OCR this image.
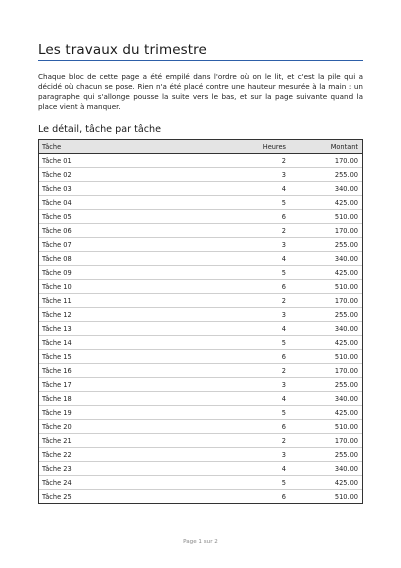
Les travaux du trimestre

Chaque bloc de cette page a été empilé dans l'ordre où on le lit, et c'est la pile qui a décidé où chacun se pose. Rien n'a été placé contre une hauteur mesurée à la main : un paragraphe qui s'allonge pousse la suite vers le bas, et sur la page suivante quand la place vient à manquer.

Le détail, tâche par tâche
Tâche	Heures	Montant
Tâche 01	2	170.00
Tâche 02	3	255.00
Tâche 03	4	340.00
Tâche 04	5	425.00
Tâche 05	6	510.00
Tâche 06	2	170.00
Tâche 07	3	255.00
Tâche 08	4	340.00
Tâche 09	5	425.00
Tâche 10	6	510.00
Tâche 11	2	170.00
Tâche 12	3	255.00
Tâche 13	4	340.00
Tâche 14	5	425.00
Tâche 15	6	510.00
Tâche 16	2	170.00
Tâche 17	3	255.00
Tâche 18	4	340.00
Tâche 19	5	425.00
Tâche 20	6	510.00
Tâche 21	2	170.00
Tâche 22	3	255.00
Tâche 23	4	340.00
Tâche 24	5	425.00
Tâche 25	6	510.00

Page 1 sur 2
